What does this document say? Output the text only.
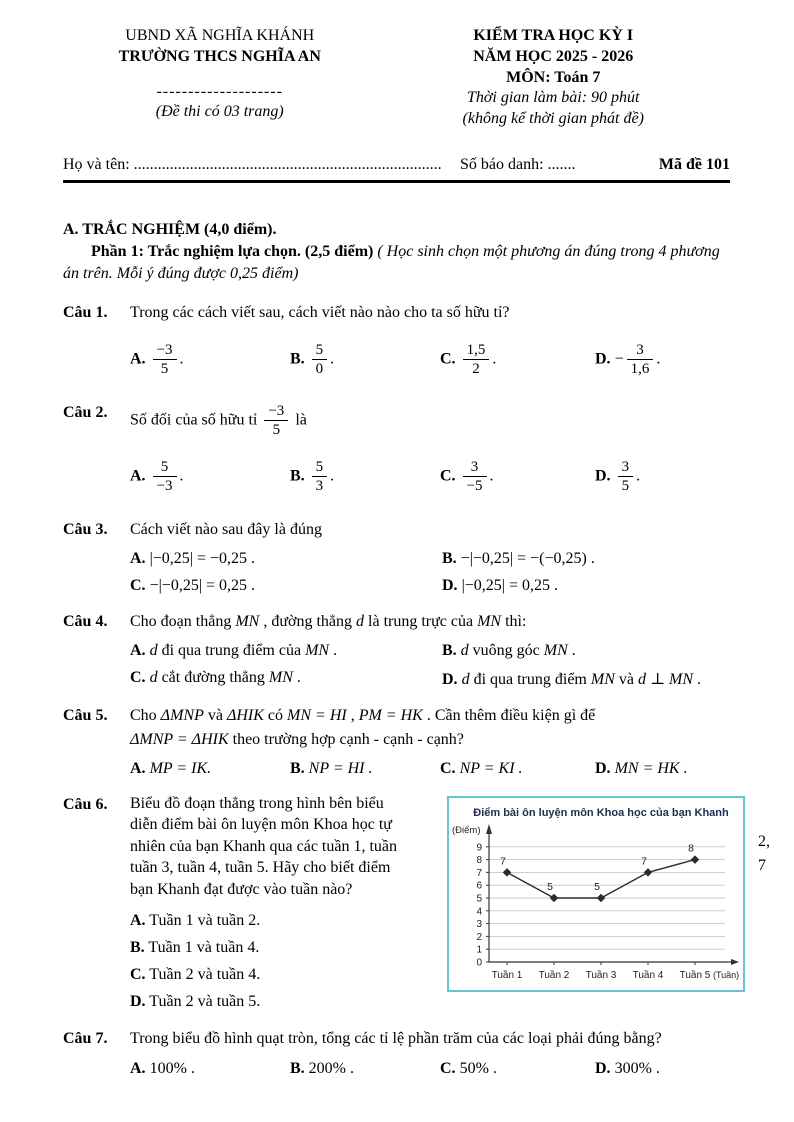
UBND XÃ NGHĨA KHÁNH
TRƯỜNG THCS NGHĨA AN
--------------------
(Đề thi có 03 trang)
KIỂM TRA HỌC KỲ I
NĂM HỌC 2025 - 2026
MÔN: Toán 7
Thời gian làm bài: 90 phút
(không kể thời gian phát đề)
Họ và tên: .............................................................................	Số báo danh: .......	Mã đề 101
A. TRẮC NGHIỆM (4,0 điểm).
Phần 1: Trắc nghiệm lựa chọn. (2,5 điểm) ( Học sinh chọn một phương án đúng trong 4 phương án trên. Mỗi ý đúng được 0,25 điểm)
Câu 1. Trong các cách viết sau, cách viết nào nào cho ta số hữu tỉ?
A. $\frac{-3}{5}$ .	B. $\frac{5}{0}$ .	C. $\frac{1,5}{2}$ .	D. − $\frac{3}{1,6}$ .
Câu 2. Số đối của số hữu tỉ $\frac{-3}{5}$ là
A. $\frac{5}{-3}$ .	B. $\frac{5}{3}$ .	C. $\frac{3}{-5}$ .	D. $\frac{3}{5}$ .
Câu 3. Cách viết nào sau đây là đúng
A. |−0,25| = −0,25 .	B. −|−0,25| = −(−0,25) .
C. −|−0,25| = 0,25 .	D. |−0,25| = 0,25 .
Câu 4. Cho đoạn thẳng MN , đường thẳng d là trung trực của MN thì:
A. d đi qua trung điểm của MN .	B. d vuông góc MN .
C. d cắt đường thẳng MN .	D. d đi qua trung điểm MN và d ⊥ MN .
Câu 5. Cho ΔMNP và ΔHIK có MN = HI , PM = HK . Cần thêm điều kiện gì để
ΔMNP = ΔHIK theo trường hợp cạnh - cạnh - cạnh?
A. MP = IK.	B. NP = HI .	C. NP = KI .	D. MN = HK .
Câu 6. Biểu đồ đoạn thẳng trong hình bên biểu
diễn điểm bài ôn luyện môn Khoa học tự
nhiên của bạn Khanh qua các tuần 1, tuần
tuần 3, tuần 4, tuần 5. Hãy cho biết điểm
bạn Khanh đạt được vào tuần nào?
2,
7
A. Tuần 1 và tuần 2.
B. Tuần 1 và tuần 4.
C. Tuần 2 và tuần 4.
D. Tuần 2 và tuần 5.
Điểm bài ôn luyện môn Khoa học của bạn Khanh
(Điểm)
0
1
2
3
4
5
6
7
8
9
Tuần 1 Tuần 2 Tuần 3 Tuần 4 Tuần 5 (Tuần)
7
5	5
7
8
Câu 7. Trong biểu đồ hình quạt tròn, tổng các tỉ lệ phần trăm của các loại phải đúng bằng?
A. 100% .	B. 200% .	C. 50% .	D. 300% .
